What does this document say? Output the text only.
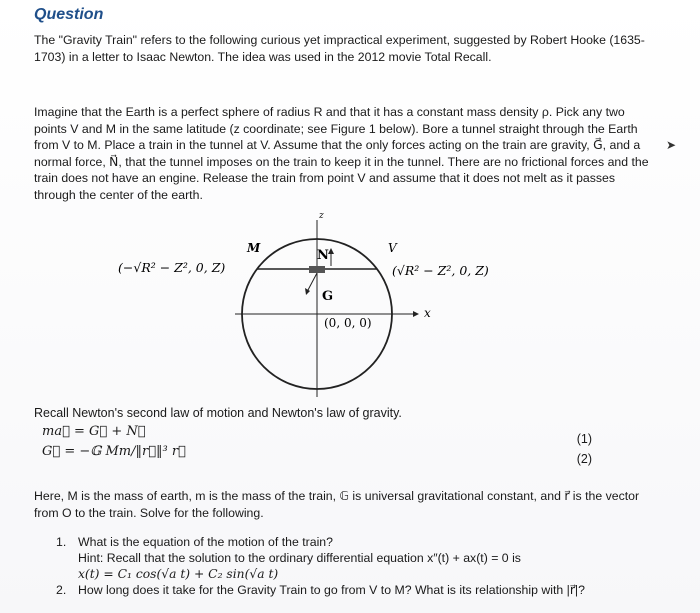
Question

The "Gravity Train" refers to the following curious yet impractical experiment, suggested by Robert Hooke (1635-1703) in a letter to Isaac Newton. The idea was used in the 2012 movie Total Recall.

Imagine that the Earth is a perfect sphere of radius R and that it has a constant mass density ρ. Pick any two points V and M in the same latitude (z coordinate; see Figure 1 below). Bore a tunnel straight through the Earth from V to M. Place a train in the tunnel at V. Assume that the only forces acting on the train are gravity, G⃗, and a normal force, N⃗, that the tunnel imposes on the train to keep it in the tunnel. There are no frictional forces and the train does not have an engine. Release the train from point V and assume that it does not melt as it passes through the center of the earth.

➤
z
x
M	V
N
G
(−√R² − Z², 0, Z)	(√R² − Z², 0, Z)
(0, 0, 0)
Recall Newton's second law of motion and Newton's law of gravity.
ma⃗ = G⃗ + N⃗
G⃗ = −𝔾 Mm/‖r⃗‖³ r⃗
(1)
(2)

Here, M is the mass of earth, m is the mass of the train, 𝔾 is universal gravitational constant, and r⃗ is the vector from O to the train. Solve for the following.

1. What is the equation of the motion of the train?
Hint: Recall that the solution to the ordinary differential equation x″(t) + ax(t) = 0 is
x(t) = C₁ cos(√a t) + C₂ sin(√a t)
2. How long does it take for the Gravity Train to go from V to M? What is its relationship with |r⃗|?
